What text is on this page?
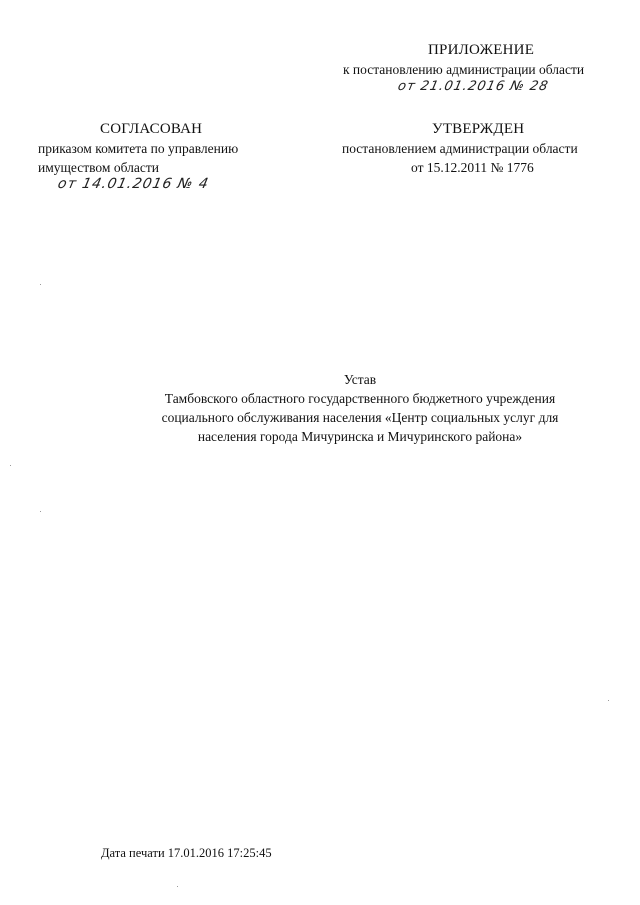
ПРИЛОЖЕНИЕ
к постановлению администрации области
от 21.01.2016 № 28
СОГЛАСОВАН
приказом комитета по управлению
имуществом области
от 14.01.2016 № 4
УТВЕРЖДЕН
постановлением администрации области
от 15.12.2011 № 1776
Устав
Тамбовского областного государственного бюджетного учреждения
социального обслуживания населения «Центр социальных услуг для
населения города Мичуринска и Мичуринского района»
Дата печати 17.01.2016 17:25:45
